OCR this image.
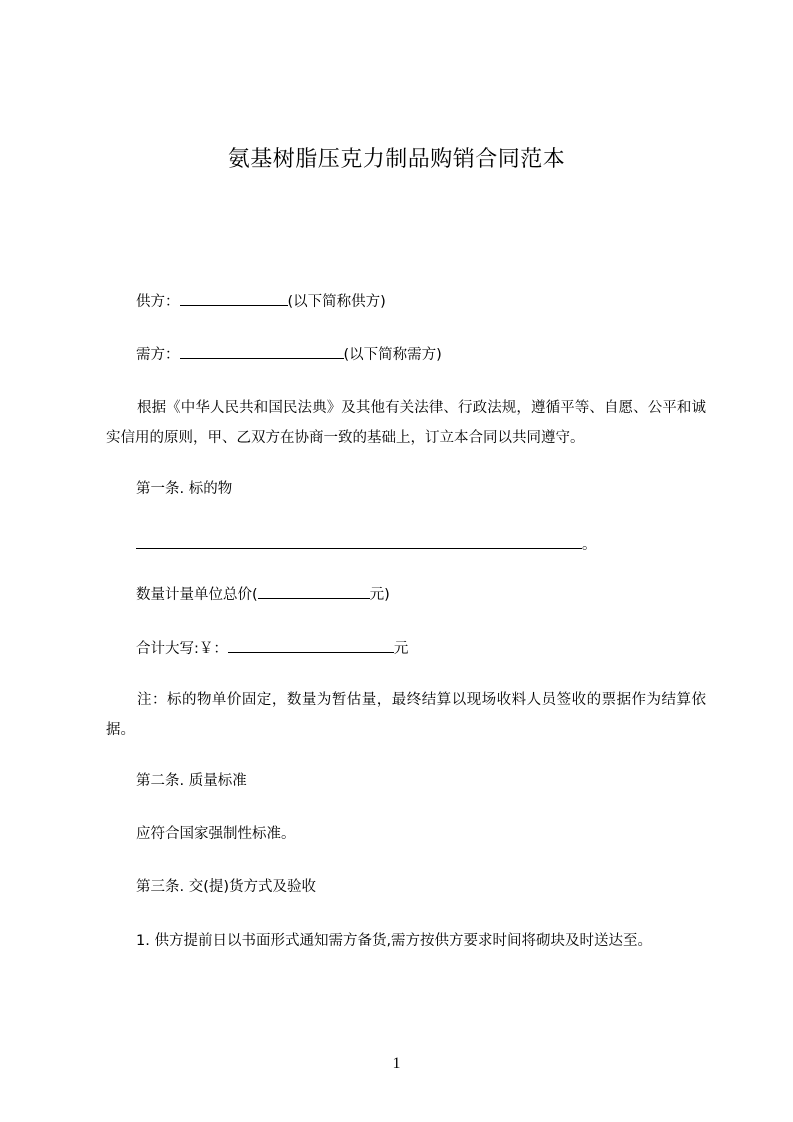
氨基树脂压克力制品购销合同范本
供方：	(以下简称供方)
需方：	(以下简称需方)
根据《中华人民共和国民法典》及其他有关法律、行政法规，遵循平等、自愿、公平和诚实信用的原则，甲、乙双方在协商一致的基础上，订立本合同以共同遵守。
第一条. 标的物
。
数量计量单位总价(	元)
合计大写:￥：	元
注：标的物单价固定，数量为暂估量，最终结算以现场收料人员签收的票据作为结算依据。
第二条. 质量标准
应符合国家强制性标准。
第三条. 交(提)货方式及验收
1. 供方提前日以书面形式通知需方备货,需方按供方要求时间将砌块及时送达至。
1
